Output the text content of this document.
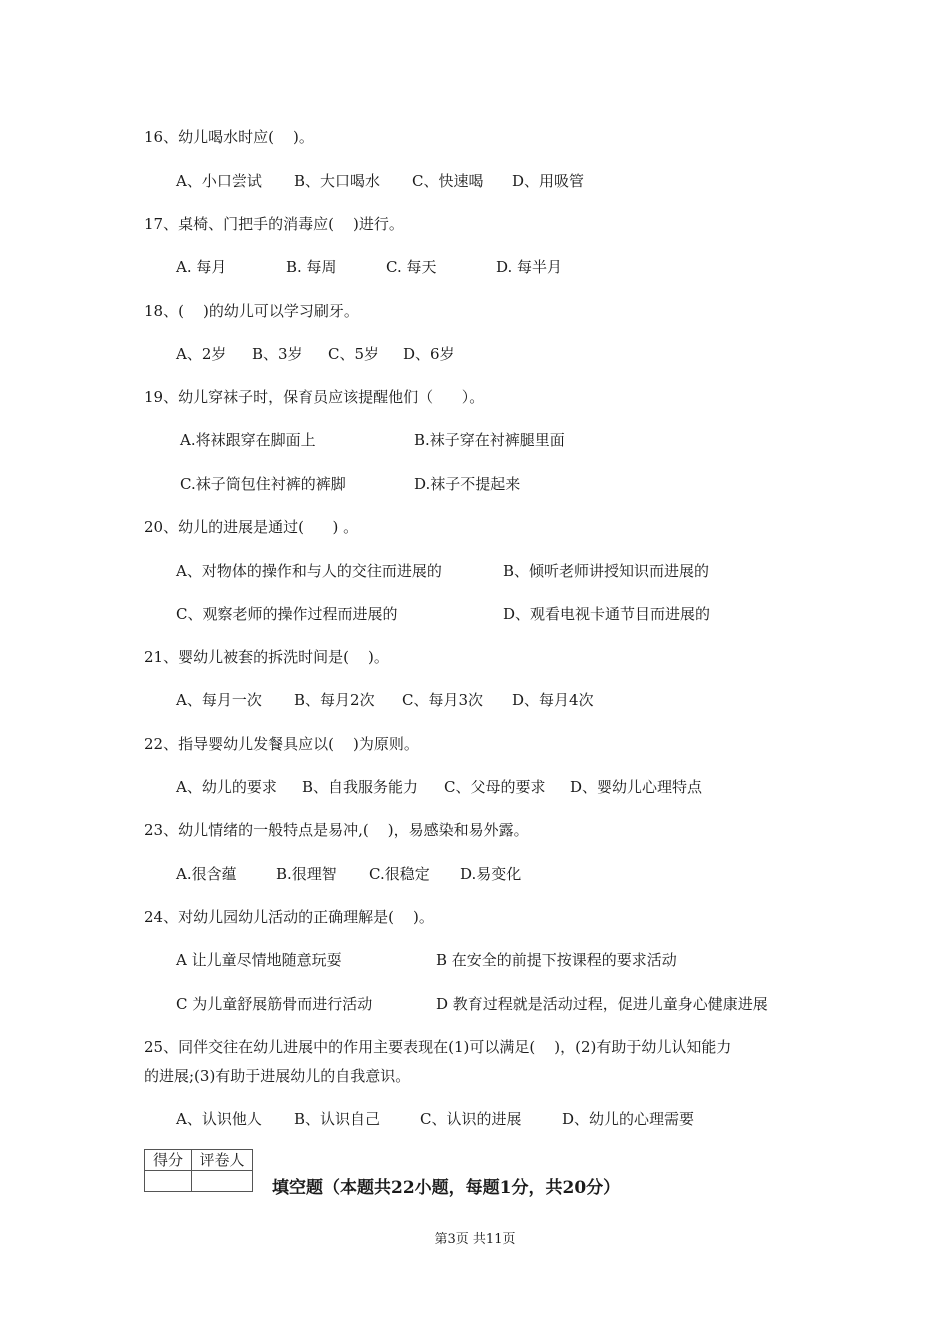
16、幼儿喝水时应(    )。

A、小口尝试

B、大口喝水

C、快速喝

D、用吸管

17、桌椅、门把手的消毒应(    )进行。

A. 每月

	B. 每周

	C. 每天

	D. 每半月

18、(    )的幼儿可以学习刷牙。

A、2岁

B、3岁

C、5岁

D、6岁

19、幼儿穿袜子时，保育员应该提醒他们（      ）。

A.将袜跟穿在脚面上

	B.袜子穿在衬裤腿里面

C.袜子筒包住衬裤的裤脚

	D.袜子不提起来

20、幼儿的进展是通过(      ) 。

A、对物体的操作和与人的交往而进展的

	B、倾听老师讲授知识而进展的

C、观察老师的操作过程而进展的

	D、观看电视卡通节目而进展的

21、婴幼儿被套的拆洗时间是(    )。

A、每月一次

B、每月2次

C、每月3次

D、每月4次

22、指导婴幼儿发餐具应以(    )为原则。

A、幼儿的要求

B、自我服务能力

C、父母的要求

D、婴幼儿心理特点

23、幼儿情绪的一般特点是易冲,(    )，易感染和易外露。

A.很含蕴

	B.很理智

C.很稳定

D.易变化

24、对幼儿园幼儿活动的正确理解是(    )。

A 让儿童尽情地随意玩耍

	B 在安全的前提下按课程的要求活动

C 为儿童舒展筋骨而进行活动

	D 教育过程就是活动过程，促进儿童身心健康进展

25、同伴交往在幼儿进展中的作用主要表现在(1)可以满足(    )，(2)有助于幼儿认知能力
的进展;(3)有助于进展幼儿的自我意识。

A、认识他人

B、认识自己

	C、认识的进展

	D、幼儿的心理需要

得分	评卷人

填空题（本题共22小题，每题1分，共20分）
第3页 共11页
